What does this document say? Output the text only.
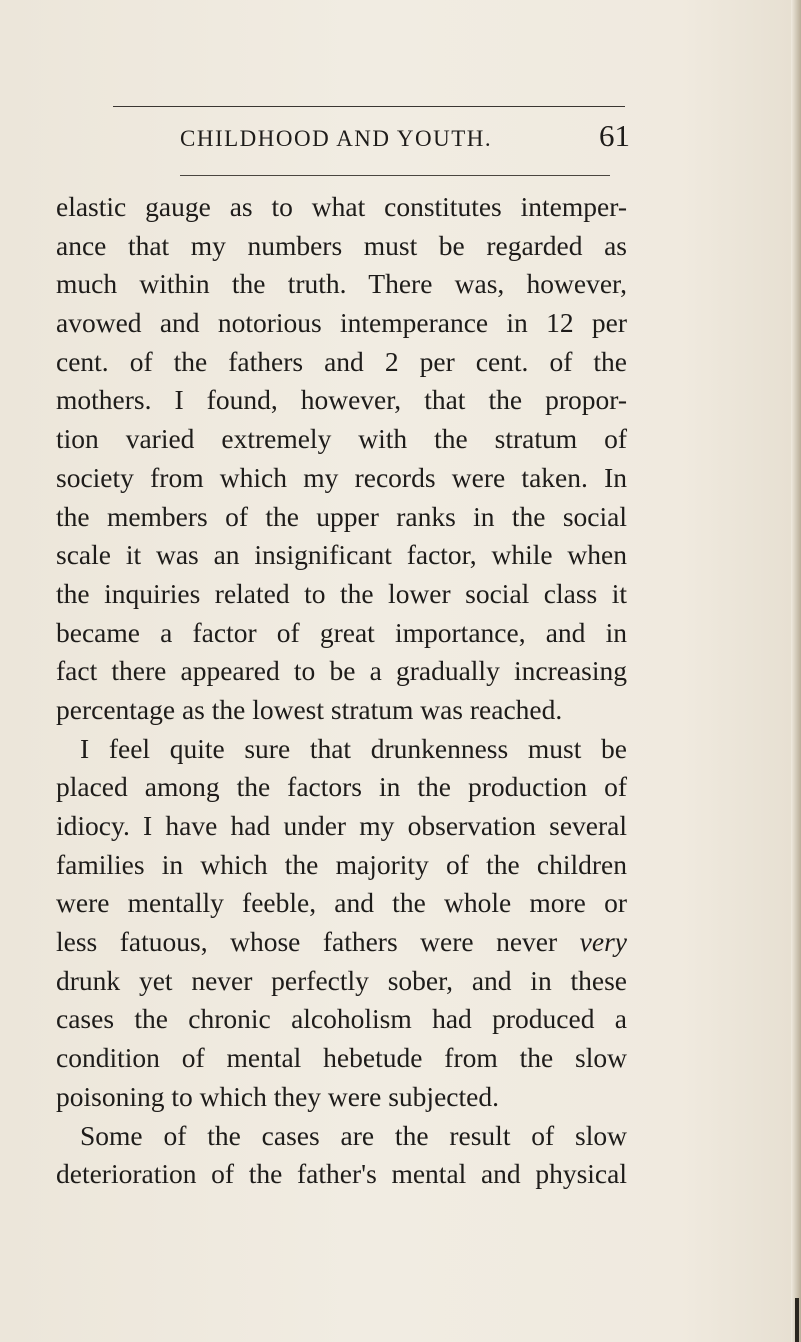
CHILDHOOD AND YOUTH.	61
elastic gauge as to what constitutes intemper-
ance that my numbers must be regarded as
much within the truth. There was, however,
avowed and notorious intemperance in 12 per
cent. of the fathers and 2 per cent. of the
mothers. I found, however, that the propor-
tion varied extremely with the stratum of
society from which my records were taken. In
the members of the upper ranks in the social
scale it was an insignificant factor, while when
the inquiries related to the lower social class it
became a factor of great importance, and in
fact there appeared to be a gradually increasing
percentage as the lowest stratum was reached.
I feel quite sure that drunkenness must be
placed among the factors in the production of
idiocy. I have had under my observation several
families in which the majority of the children
were mentally feeble, and the whole more or
less fatuous, whose fathers were never very
drunk yet never perfectly sober, and in these
cases the chronic alcoholism had produced a
condition of mental hebetude from the slow
poisoning to which they were subjected.
Some of the cases are the result of slow
deterioration of the father's mental and physical
